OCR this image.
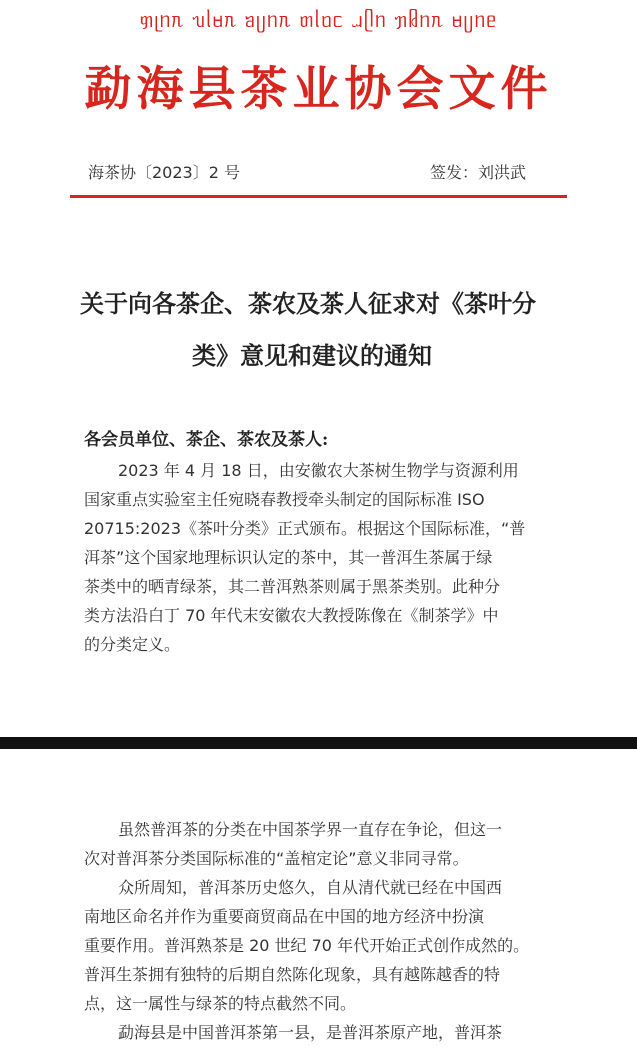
ᥞᥨᥒᥰ ᥔᥣᥛᥰ ᥑᥩᥒᥰ ᥖᥣᥝᥴ ᥘᥫᥒ ᥟᥤᥒᥰ ᥛᥩᥒᥱ
勐海县茶业协会文件
海茶协〔2023〕2 号	签发：刘洪武
关于向各茶企、茶农及茶人征求对《茶叶分
类》意见和建议的通知
各会员单位、茶企、茶农及茶人:
2023 年 4 月 18 日，由安徽农大茶树生物学与资源利用
国家重点实验室主任宛晓春教授牵头制定的国际标准 ISO
20715:2023《茶叶分类》正式颁布。根据这个国际标准，“普
洱茶”这个国家地理标识认定的茶中，其一普洱生茶属于绿
茶类中的晒青绿茶，其二普洱熟茶则属于黑茶类别。此种分
类方法沿白丁 70 年代末安徽农大教授陈像在《制茶学》中
的分类定义。
虽然普洱茶的分类在中国茶学界一直存在争论，但这一
次对普洱茶分类国际标准的“盖棺定论”意义非同寻常。
众所周知，普洱茶历史悠久，自从清代就已经在中国西
南地区命名并作为重要商贸商品在中国的地方经济中扮演
重要作用。普洱熟茶是 20 世纪 70 年代开始正式创作成然的。
普洱生茶拥有独特的后期自然陈化现象，具有越陈越香的特
点，这一属性与绿茶的特点截然不同。
勐海县是中国普洱茶第一县，是普洱茶原产地，普洱茶
